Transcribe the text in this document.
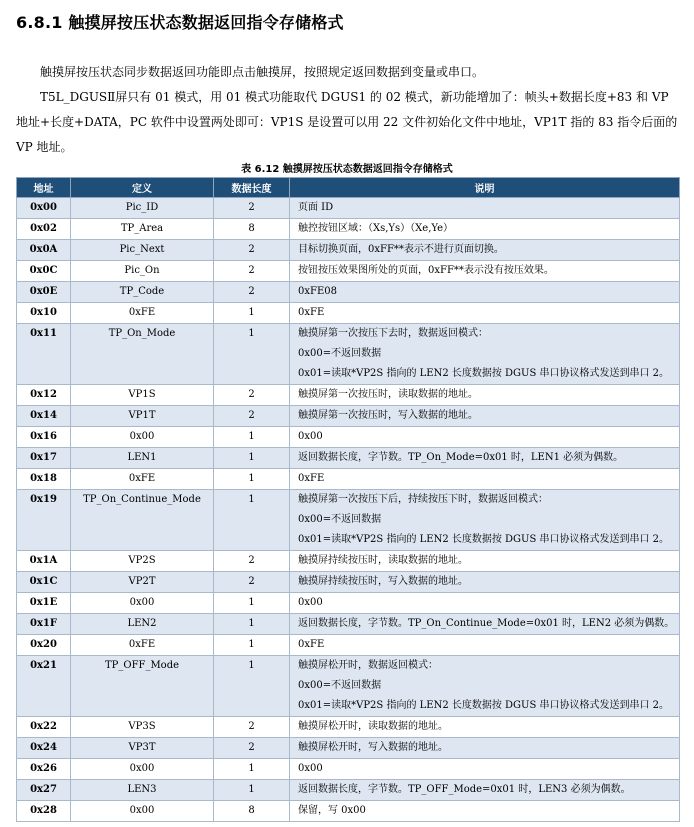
6.8.1 触摸屏按压状态数据返回指令存储格式
触摸屏按压状态同步数据返回功能即点击触摸屏，按照规定返回数据到变量或串口。
T5L_DGUSⅡ屏只有 01 模式，用 01 模式功能取代 DGUS1 的 02 模式，新功能增加了：帧头+数据长度+83 和 VP 地址+长度+DATA，PC 软件中设置两处即可：VP1S 是设置可以用 22 文件初始化文件中地址，VP1T 指的 83 指令后面的 VP 地址。
表 6.12 触摸屏按压状态数据返回指令存储格式
地址	定义	数据长度	说明
0x00	Pic_ID	2	页面 ID

0x02	TP_Area	8	触控按钮区域：（Xs,Ys）（Xe,Ye）

0x0A	Pic_Next	2	目标切换页面，0xFF**表示不进行页面切换。

0x0C	Pic_On	2	按钮按压效果图所处的页面，0xFF**表示没有按压效果。

0x0E	TP_Code	2	0xFE08

0x10	0xFE	1	0xFE

0x11	TP_On_Mode	1	触摸屏第一次按压下去时，数据返回模式：
0x00=不返回数据
0x01=读取*VP2S 指向的 LEN2 长度数据按 DGUS 串口协议格式发送到串口 2。

0x12	VP1S	2	触摸屏第一次按压时，读取数据的地址。

0x14	VP1T	2	触摸屏第一次按压时，写入数据的地址。

0x16	0x00	1	0x00

0x17	LEN1	1	返回数据长度，字节数。TP_On_Mode=0x01 时，LEN1 必须为偶数。

0x18	0xFE	1	0xFE

0x19	TP_On_Continue_Mode	1	触摸屏第一次按压下后，持续按压下时，数据返回模式：
0x00=不返回数据
0x01=读取*VP2S 指向的 LEN2 长度数据按 DGUS 串口协议格式发送到串口 2。

0x1A	VP2S	2	触摸屏持续按压时，读取数据的地址。

0x1C	VP2T	2	触摸屏持续按压时，写入数据的地址。

0x1E	0x00	1	0x00

0x1F	LEN2	1	返回数据长度，字节数。TP_On_Continue_Mode=0x01 时，LEN2 必须为偶数。

0x20	0xFE	1	0xFE

0x21	TP_OFF_Mode	1	触摸屏松开时，数据返回模式：
0x00=不返回数据
0x01=读取*VP2S 指向的 LEN2 长度数据按 DGUS 串口协议格式发送到串口 2。

0x22	VP3S	2	触摸屏松开时，读取数据的地址。

0x24	VP3T	2	触摸屏松开时，写入数据的地址。

0x26	0x00	1	0x00

0x27	LEN3	1	返回数据长度，字节数。TP_OFF_Mode=0x01 时，LEN3 必须为偶数。

0x28	0x00	8	保留，写 0x00
